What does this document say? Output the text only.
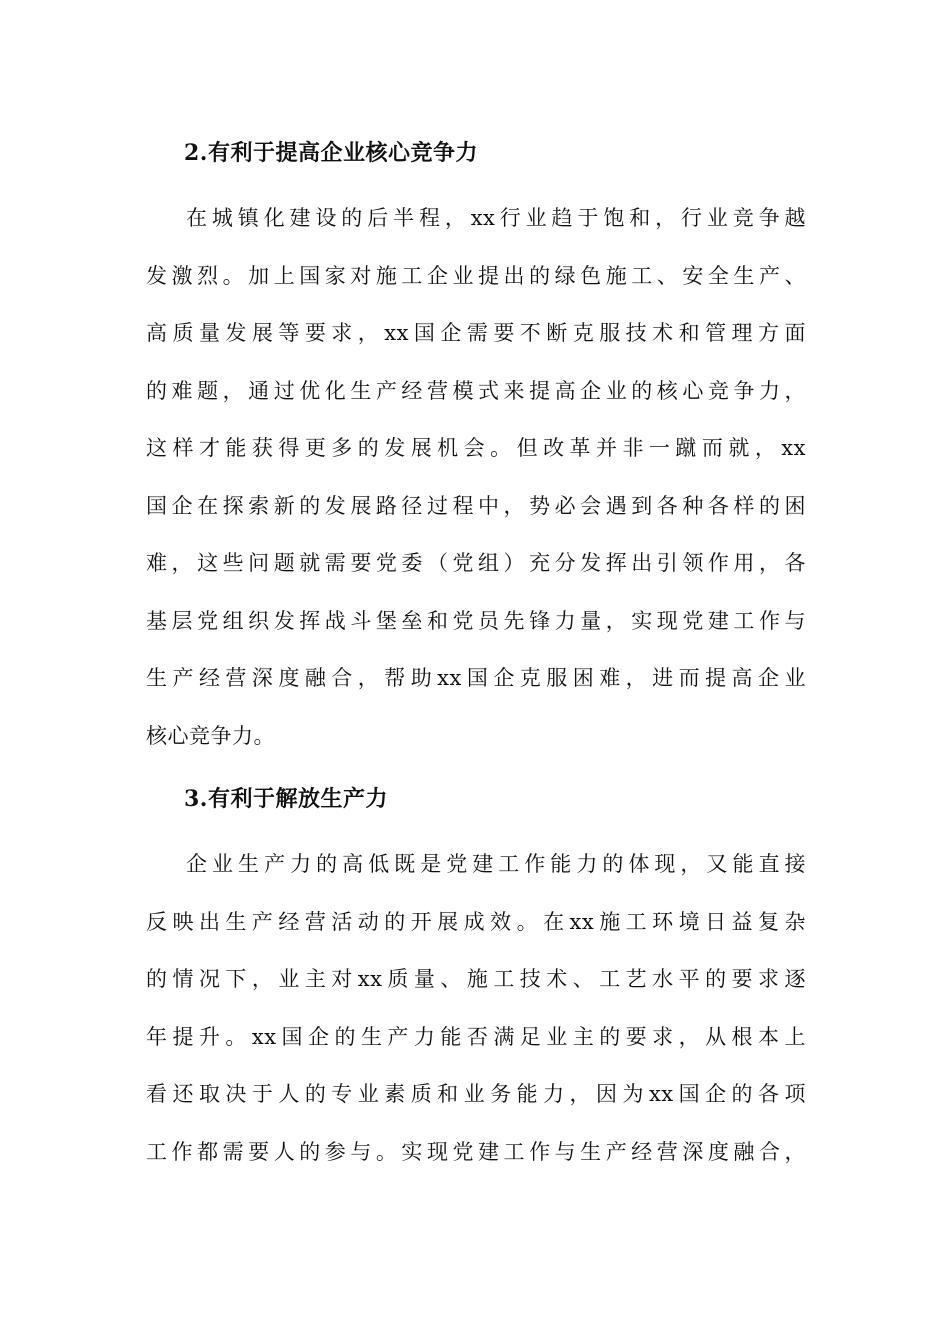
2.有利于提高企业核心竞争力
在城镇化建设的后半程，xx行业趋于饱和，行业竞争越
发激烈。加上国家对施工企业提出的绿色施工、安全生产、
高质量发展等要求，xx国企需要不断克服技术和管理方面
的难题，通过优化生产经营模式来提高企业的核心竞争力，
这样才能获得更多的发展机会。但改革并非一蹴而就，xx
国企在探索新的发展路径过程中，势必会遇到各种各样的困
难，这些问题就需要党委（党组）充分发挥出引领作用，各
基层党组织发挥战斗堡垒和党员先锋力量，实现党建工作与
生产经营深度融合，帮助xx国企克服困难，进而提高企业
核心竞争力。
3.有利于解放生产力
企业生产力的高低既是党建工作能力的体现，又能直接
反映出生产经营活动的开展成效。在xx施工环境日益复杂
的情况下，业主对xx质量、施工技术、工艺水平的要求逐
年提升。xx国企的生产力能否满足业主的要求，从根本上
看还取决于人的专业素质和业务能力，因为xx国企的各项
工作都需要人的参与。实现党建工作与生产经营深度融合，
